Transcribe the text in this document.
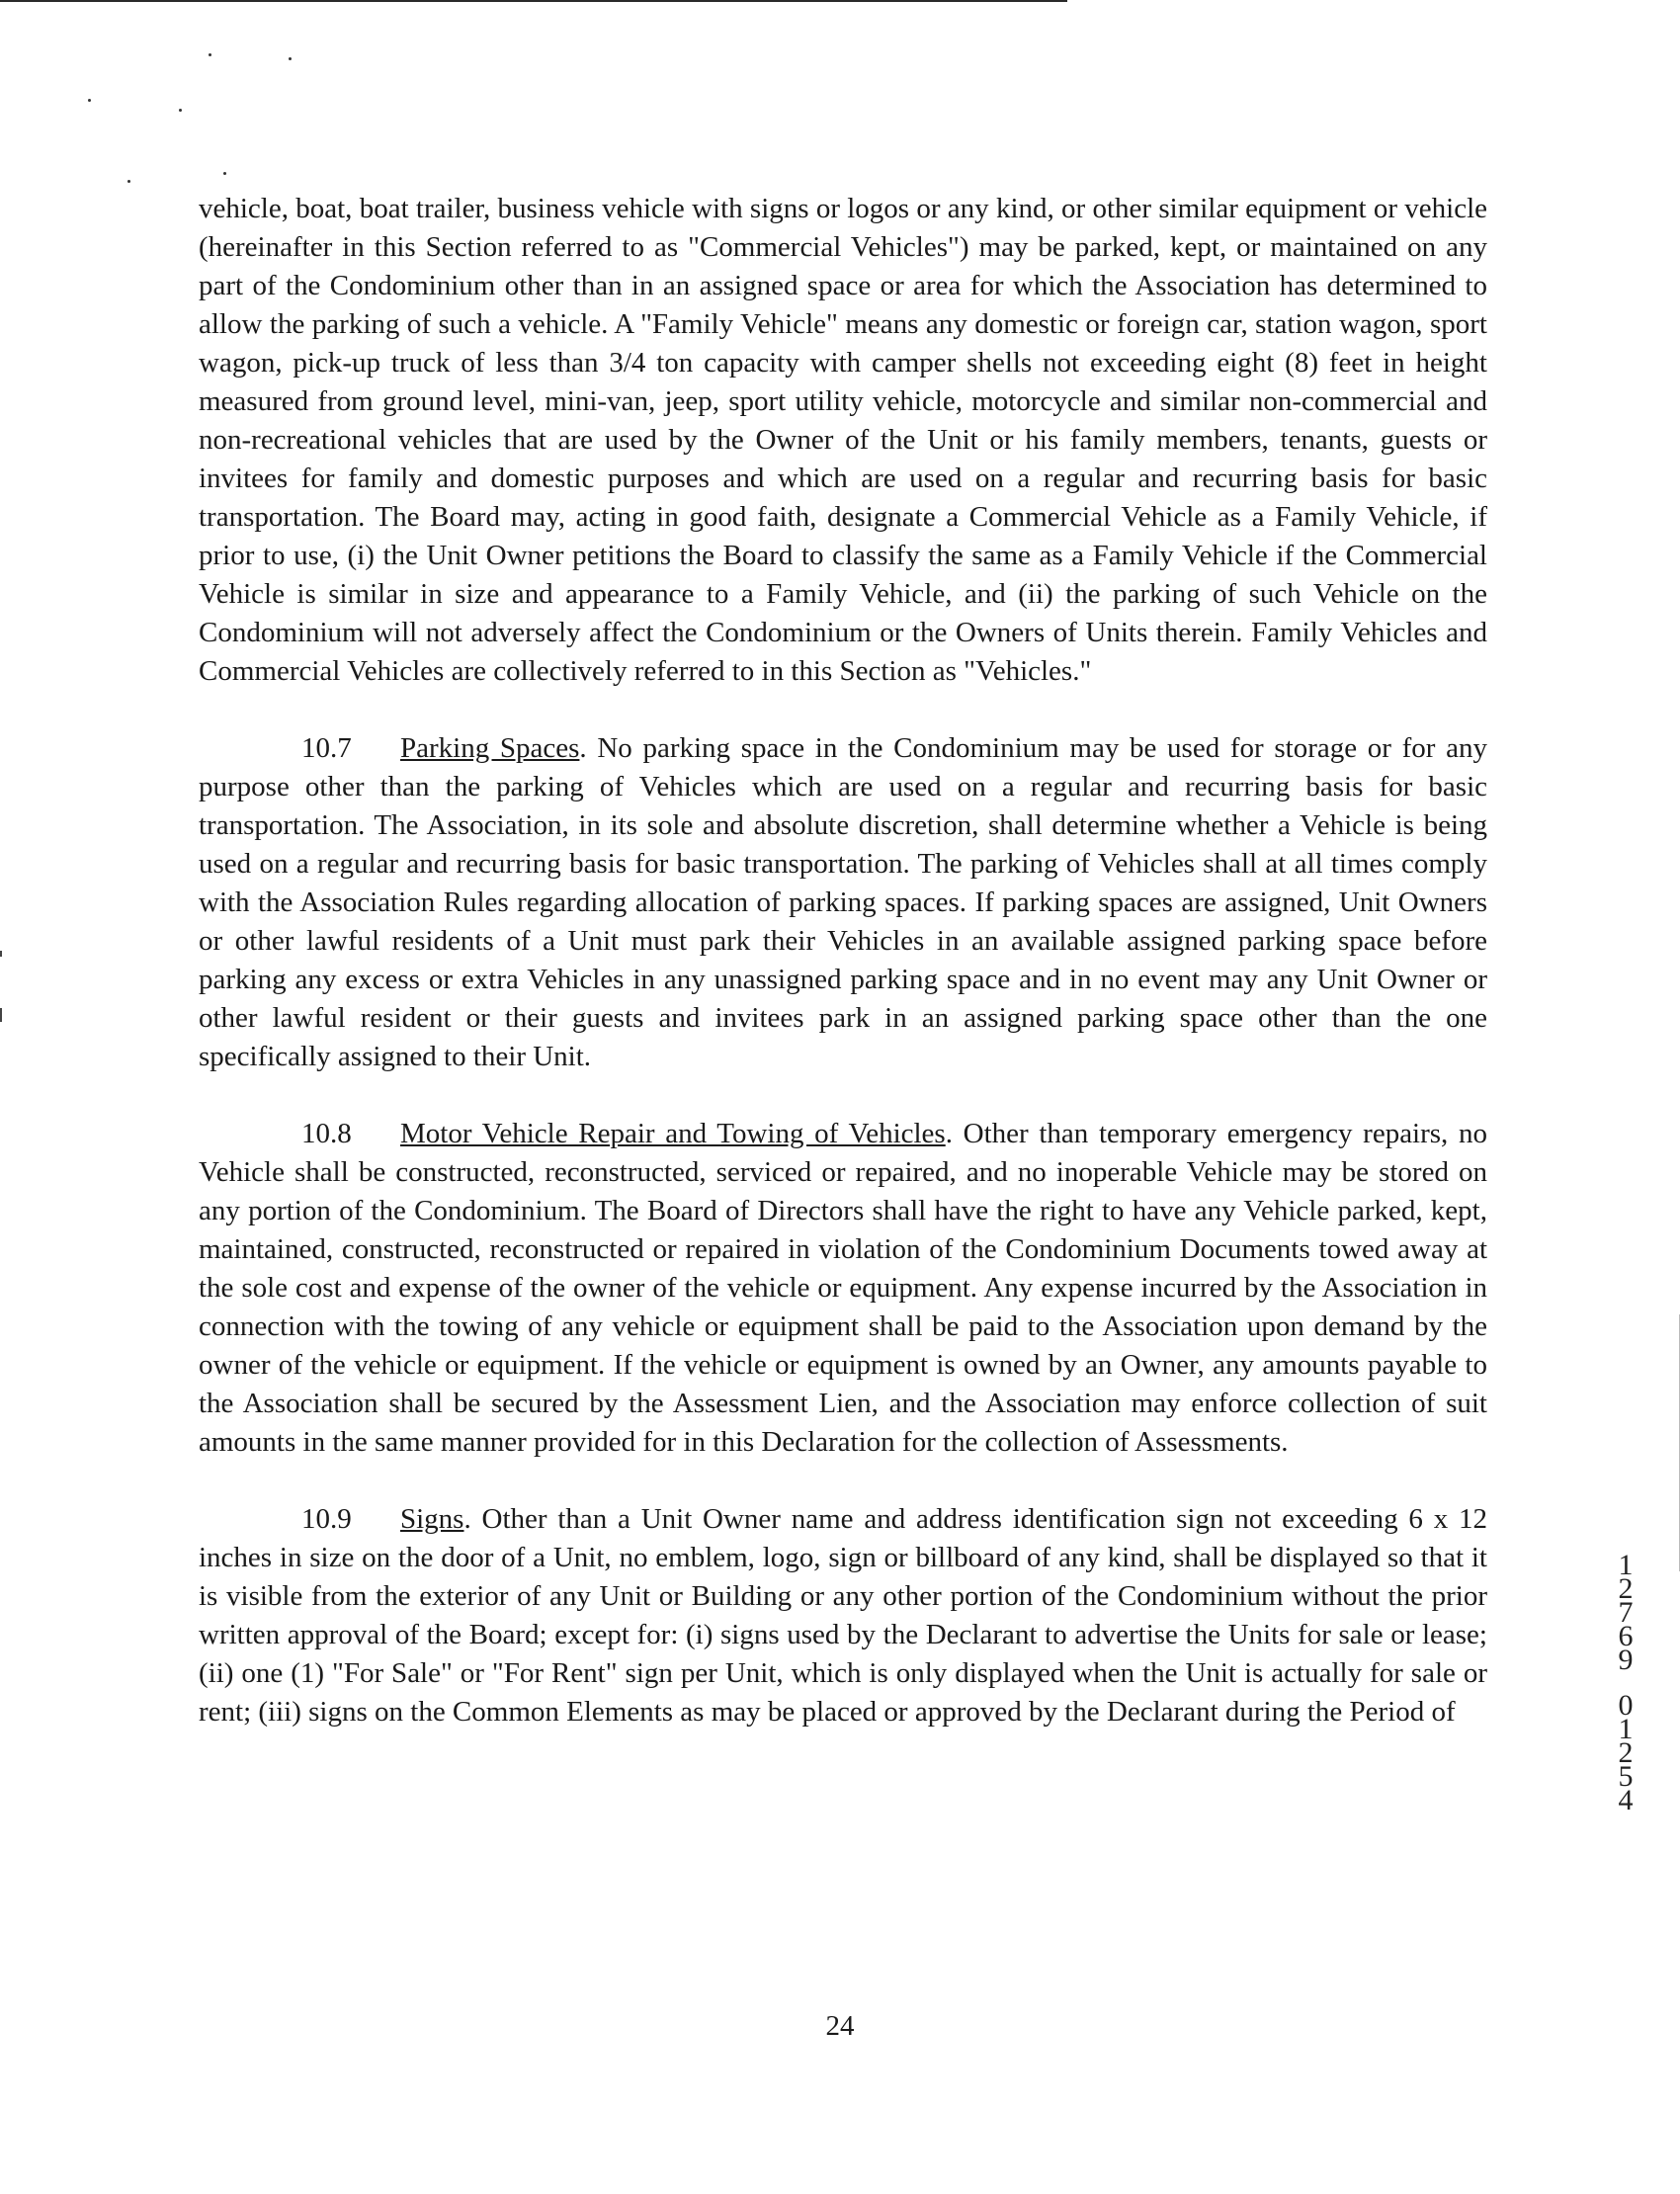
vehicle, boat, boat trailer, business vehicle with signs or logos or any kind, or other similar equipment or vehicle (hereinafter in this Section referred to as "Commercial Vehicles") may be parked, kept, or maintained on any part of the Condominium other than in an assigned space or area for which the Association has determined to allow the parking of such a vehicle. A "Family Vehicle" means any domestic or foreign car, station wagon, sport wagon, pick-up truck of less than 3/4 ton capacity with camper shells not exceeding eight (8) feet in height measured from ground level, mini-van, jeep, sport utility vehicle, motorcycle and similar non-commercial and non-recreational vehicles that are used by the Owner of the Unit or his family members, tenants, guests or invitees for family and domestic purposes and which are used on a regular and recurring basis for basic transportation. The Board may, acting in good faith, designate a Commercial Vehicle as a Family Vehicle, if prior to use, (i) the Unit Owner petitions the Board to classify the same as a Family Vehicle if the Commercial Vehicle is similar in size and appearance to a Family Vehicle, and (ii) the parking of such Vehicle on the Condominium will not adversely affect the Condominium or the Owners of Units therein. Family Vehicles and Commercial Vehicles are collectively referred to in this Section as "Vehicles."

10.7 Parking Spaces. No parking space in the Condominium may be used for storage or for any purpose other than the parking of Vehicles which are used on a regular and recurring basis for basic transportation. The Association, in its sole and absolute discretion, shall determine whether a Vehicle is being used on a regular and recurring basis for basic transportation. The parking of Vehicles shall at all times comply with the Association Rules regarding allocation of parking spaces. If parking spaces are assigned, Unit Owners or other lawful residents of a Unit must park their Vehicles in an available assigned parking space before parking any excess or extra Vehicles in any unassigned parking space and in no event may any Unit Owner or other lawful resident or their guests and invitees park in an assigned parking space other than the one specifically assigned to their Unit.

10.8 Motor Vehicle Repair and Towing of Vehicles. Other than temporary emergency repairs, no Vehicle shall be constructed, reconstructed, serviced or repaired, and no inoperable Vehicle may be stored on any portion of the Condominium. The Board of Directors shall have the right to have any Vehicle parked, kept, maintained, constructed, reconstructed or repaired in violation of the Condominium Documents towed away at the sole cost and expense of the owner of the vehicle or equipment. Any expense incurred by the Association in connection with the towing of any vehicle or equipment shall be paid to the Association upon demand by the owner of the vehicle or equipment. If the vehicle or equipment is owned by an Owner, any amounts payable to the Association shall be secured by the Assessment Lien, and the Association may enforce collection of suit amounts in the same manner provided for in this Declaration for the collection of Assessments.

10.9 Signs. Other than a Unit Owner name and address identification sign not exceeding 6 x 12 inches in size on the door of a Unit, no emblem, logo, sign or billboard of any kind, shall be displayed so that it is visible from the exterior of any Unit or Building or any other portion of the Condominium without the prior written approval of the Board; except for: (i) signs used by the Declarant to advertise the Units for sale or lease; (ii) one (1) "For Sale" or "For Rent" sign per Unit, which is only displayed when the Unit is actually for sale or rent; (iii) signs on the Common Elements as may be placed or approved by the Declarant during the Period of

1
2
7
6
9
0
1
2
5
4
24
